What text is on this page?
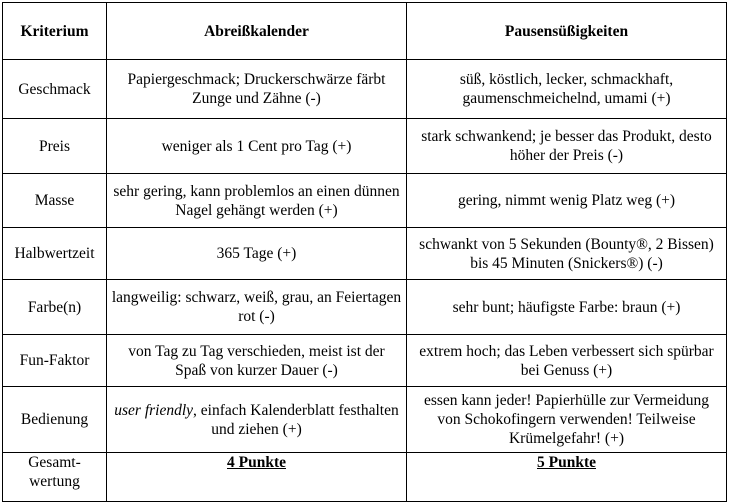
Kriterium	Abreißkalender	Pausensüßigkeiten
Geschmack	Papiergeschmack; Druckerschwärze färbt Zunge und Zähne (-)	süß, köstlich, lecker, schmackhaft, gaumenschmeichelnd, umami (+)
Preis	weniger als 1 Cent pro Tag (+)	stark schwankend; je besser das Produkt, desto höher der Preis (-)
Masse	sehr gering, kann problemlos an einen dünnen Nagel gehängt werden (+)	gering, nimmt wenig Platz weg (+)
Halbwertzeit	365 Tage (+)	schwankt von 5 Sekunden (Bounty®, 2 Bissen) bis 45 Minuten (Snickers®) (-)
Farbe(n)	langweilig: schwarz, weiß, grau, an Feiertagen rot (-)	sehr bunt; häufigste Farbe: braun (+)
Fun-Faktor	von Tag zu Tag verschieden, meist ist der Spaß von kurzer Dauer (-)	extrem hoch; das Leben verbessert sich spürbar bei Genuss (+)
Bedienung	user friendly, einfach Kalenderblatt festhalten und ziehen (+)	essen kann jeder! Papierhülle zur Vermeidung von Schokofingern verwenden! Teilweise Krümelgefahr! (+)
Gesamt-wertung	4 Punkte	5 Punkte
